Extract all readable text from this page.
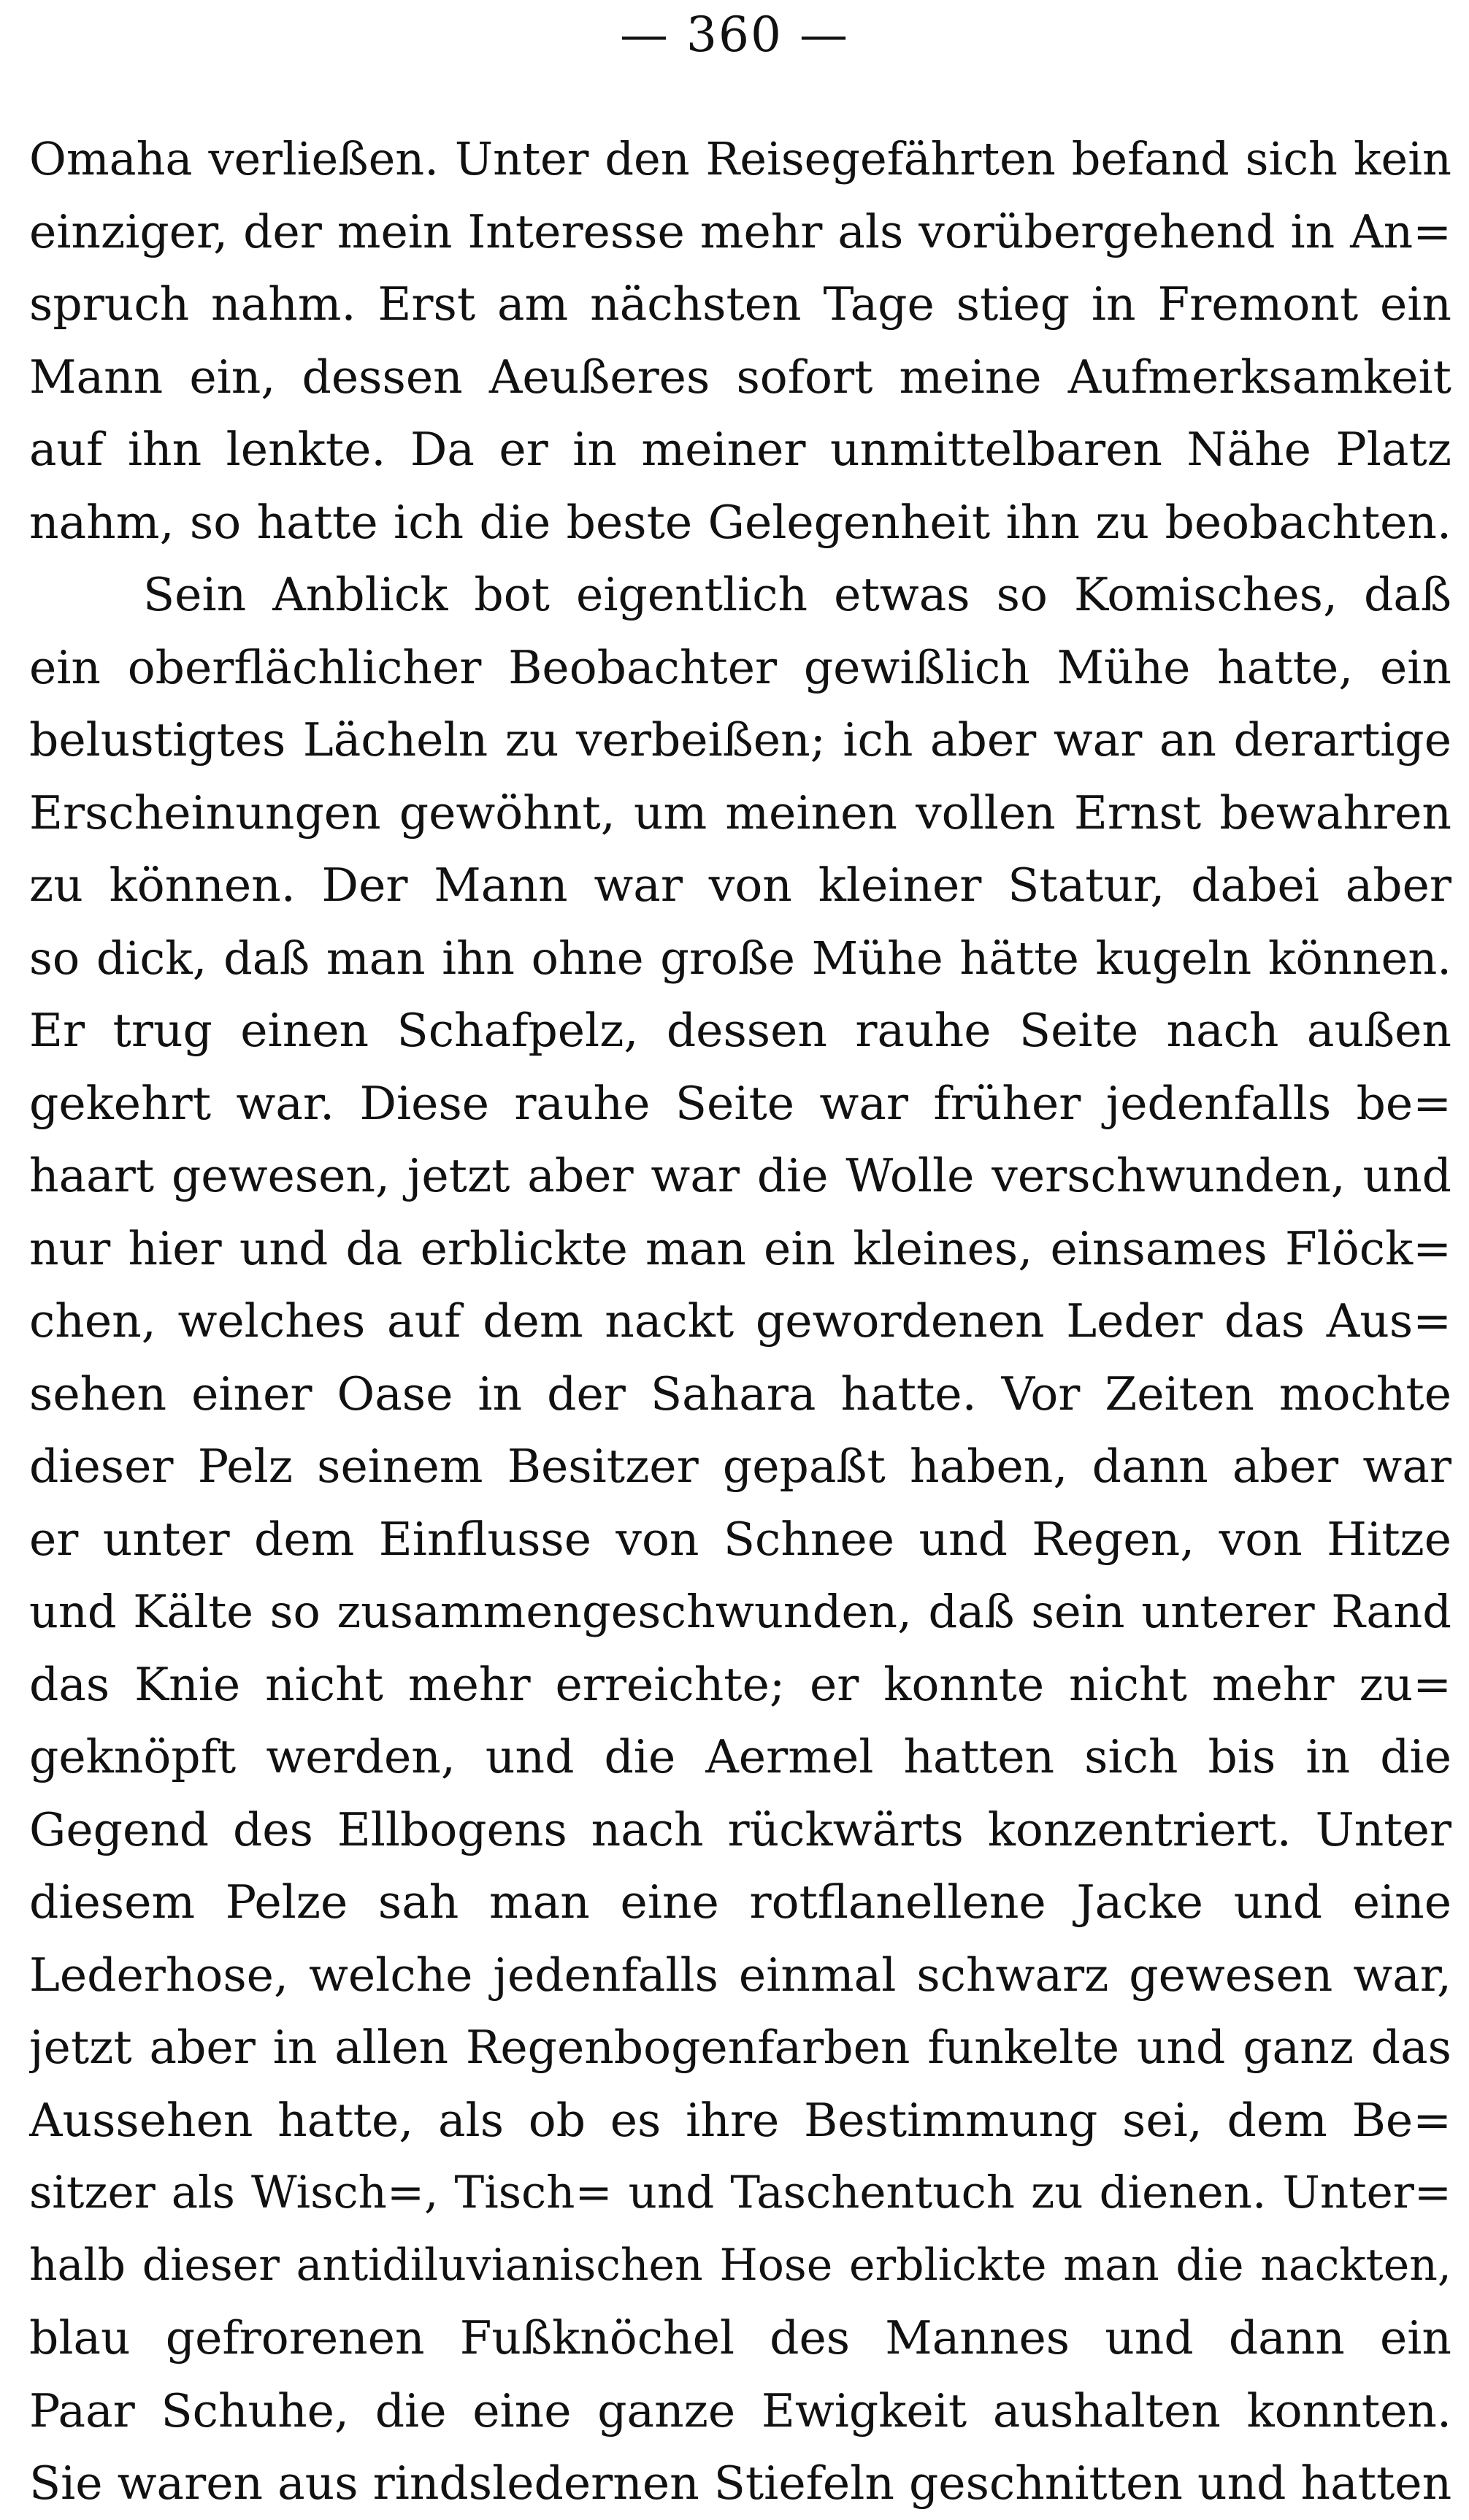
— 360 —
Omaha verließen. Unter den Reisegefährten befand sich kein
einziger, der mein Interesse mehr als vorübergehend in An=
spruch nahm. Erst am nächsten Tage stieg in Fremont ein
Mann ein, dessen Aeußeres sofort meine Aufmerksamkeit
auf ihn lenkte. Da er in meiner unmittelbaren Nähe Platz
nahm, so hatte ich die beste Gelegenheit ihn zu beobachten.
Sein Anblick bot eigentlich etwas so Komisches, daß
ein oberflächlicher Beobachter gewißlich Mühe hatte, ein
belustigtes Lächeln zu verbeißen; ich aber war an derartige
Erscheinungen gewöhnt, um meinen vollen Ernst bewahren
zu können. Der Mann war von kleiner Statur, dabei aber
so dick, daß man ihn ohne große Mühe hätte kugeln können.
Er trug einen Schafpelz, dessen rauhe Seite nach außen
gekehrt war. Diese rauhe Seite war früher jedenfalls be=
haart gewesen, jetzt aber war die Wolle verschwunden, und
nur hier und da erblickte man ein kleines, einsames Flöck=
chen, welches auf dem nackt gewordenen Leder das Aus=
sehen einer Oase in der Sahara hatte. Vor Zeiten mochte
dieser Pelz seinem Besitzer gepaßt haben, dann aber war
er unter dem Einflusse von Schnee und Regen, von Hitze
und Kälte so zusammengeschwunden, daß sein unterer Rand
das Knie nicht mehr erreichte; er konnte nicht mehr zu=
geknöpft werden, und die Aermel hatten sich bis in die
Gegend des Ellbogens nach rückwärts konzentriert. Unter
diesem Pelze sah man eine rotflanellene Jacke und eine
Lederhose, welche jedenfalls einmal schwarz gewesen war,
jetzt aber in allen Regenbogenfarben funkelte und ganz das
Aussehen hatte, als ob es ihre Bestimmung sei, dem Be=
sitzer als Wisch=, Tisch= und Taschentuch zu dienen. Unter=
halb dieser antidiluvianischen Hose erblickte man die nackten,
blau gefrorenen Fußknöchel des Mannes und dann ein
Paar Schuhe, die eine ganze Ewigkeit aushalten konnten.
Sie waren aus rindsledernen Stiefeln geschnitten und hatten
